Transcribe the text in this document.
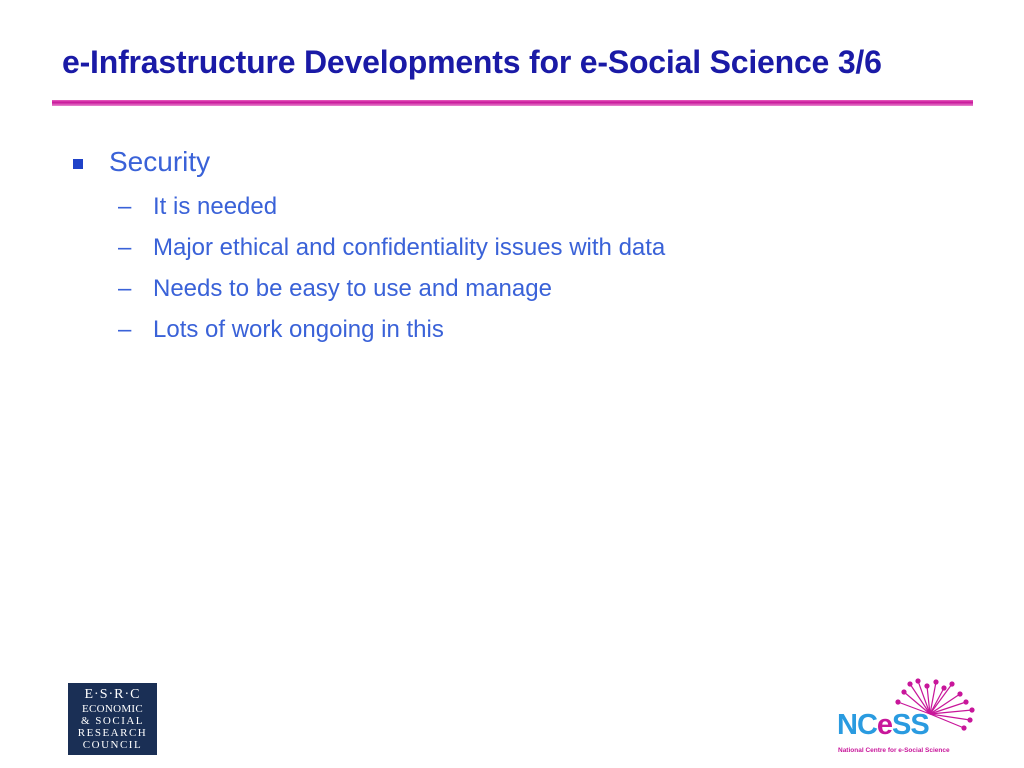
e-Infrastructure Developments for e-Social Science 3/6
Security
– It is needed
– Major ethical and confidentiality issues with data
– Needs to be easy to use and manage
– Lots of work ongoing in this
E·S·R·C
ECONOMIC
& SOCIAL
RESEARCH
COUNCIL
NCeSS
National Centre for e-Social Science
